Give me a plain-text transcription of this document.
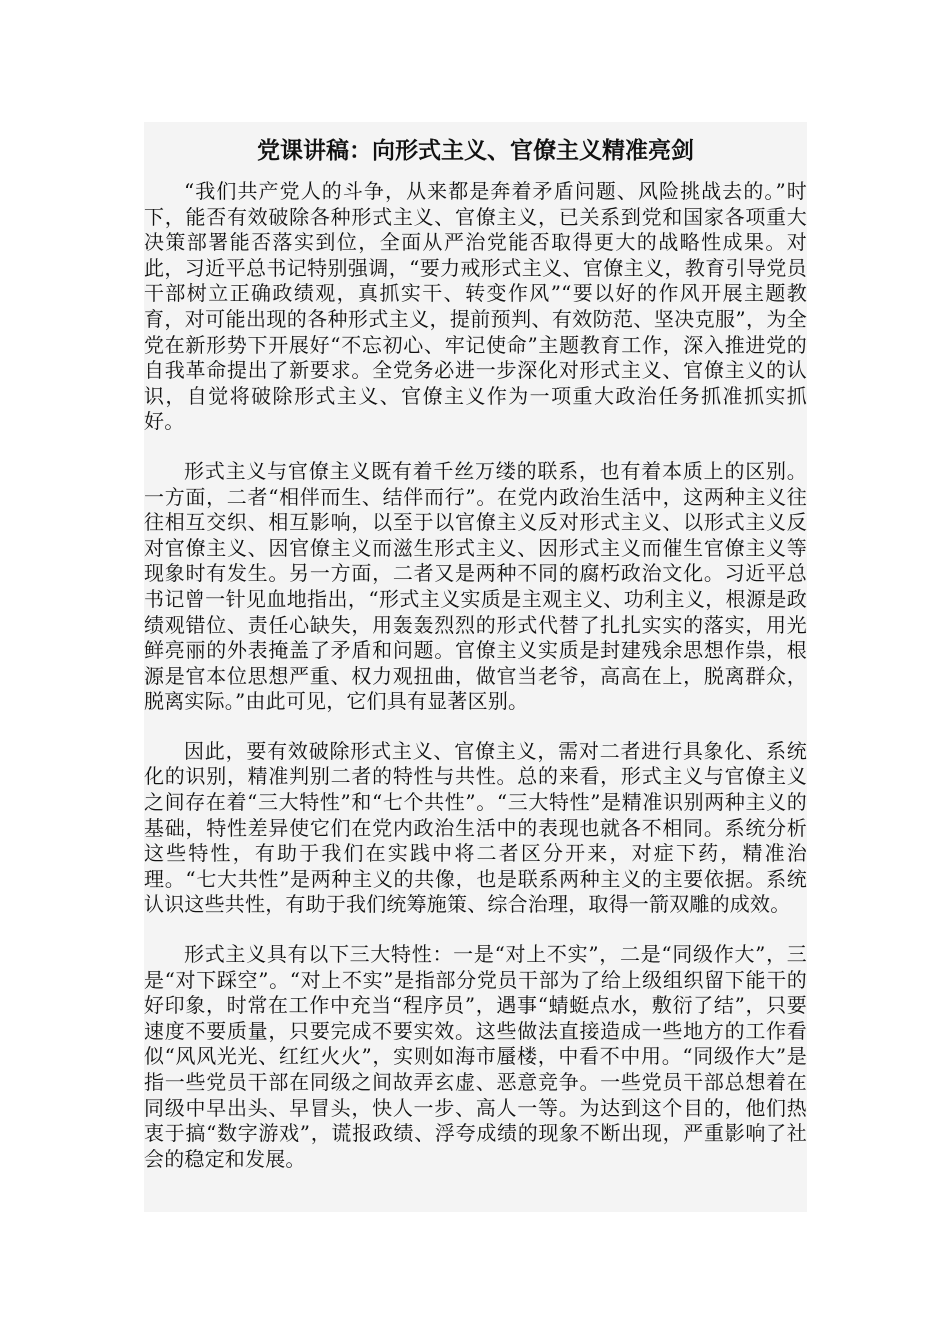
党课讲稿：向形式主义、官僚主义精准亮剑

“我们共产党人的斗争，从来都是奔着矛盾问题、风险挑战去的。”时下，能否有效破除各种形式主义、官僚主义，已关系到党和国家各项重大决策部署能否落实到位，全面从严治党能否取得更大的战略性成果。对此，习近平总书记特别强调，“要力戒形式主义、官僚主义，教育引导党员干部树立正确政绩观，真抓实干、转变作风”“要以好的作风开展主题教育，对可能出现的各种形式主义，提前预判、有效防范、坚决克服”，为全党在新形势下开展好“不忘初心、牢记使命”主题教育工作，深入推进党的自我革命提出了新要求。全党务必进一步深化对形式主义、官僚主义的认识，自觉将破除形式主义、官僚主义作为一项重大政治任务抓准抓实抓好。

形式主义与官僚主义既有着千丝万缕的联系，也有着本质上的区别。一方面，二者“相伴而生、结伴而行”。在党内政治生活中，这两种主义往往相互交织、相互影响，以至于以官僚主义反对形式主义、以形式主义反对官僚主义、因官僚主义而滋生形式主义、因形式主义而催生官僚主义等现象时有发生。另一方面，二者又是两种不同的腐朽政治文化。习近平总书记曾一针见血地指出，“形式主义实质是主观主义、功利主义，根源是政绩观错位、责任心缺失，用轰轰烈烈的形式代替了扎扎实实的落实，用光鲜亮丽的外表掩盖了矛盾和问题。官僚主义实质是封建残余思想作祟，根源是官本位思想严重、权力观扭曲，做官当老爷，高高在上，脱离群众，脱离实际。”由此可见，它们具有显著区别。

因此，要有效破除形式主义、官僚主义，需对二者进行具象化、系统化的识别，精准判别二者的特性与共性。总的来看，形式主义与官僚主义之间存在着“三大特性”和“七个共性”。“三大特性”是精准识别两种主义的基础，特性差异使它们在党内政治生活中的表现也就各不相同。系统分析这些特性，有助于我们在实践中将二者区分开来，对症下药，精准治理。“七大共性”是两种主义的共像，也是联系两种主义的主要依据。系统认识这些共性，有助于我们统筹施策、综合治理，取得一箭双雕的成效。

形式主义具有以下三大特性：一是“对上不实”，二是“同级作大”，三是“对下踩空”。“对上不实”是指部分党员干部为了给上级组织留下能干的好印象，时常在工作中充当“程序员”，遇事“蜻蜓点水，敷衍了结”，只要速度不要质量，只要完成不要实效。这些做法直接造成一些地方的工作看似“风风光光、红红火火”，实则如海市蜃楼，中看不中用。“同级作大”是指一些党员干部在同级之间故弄玄虚、恶意竞争。一些党员干部总想着在同级中早出头、早冒头，快人一步、高人一等。为达到这个目的，他们热衷于搞“数字游戏”，谎报政绩、浮夸成绩的现象不断出现，严重影响了社会的稳定和发展。
